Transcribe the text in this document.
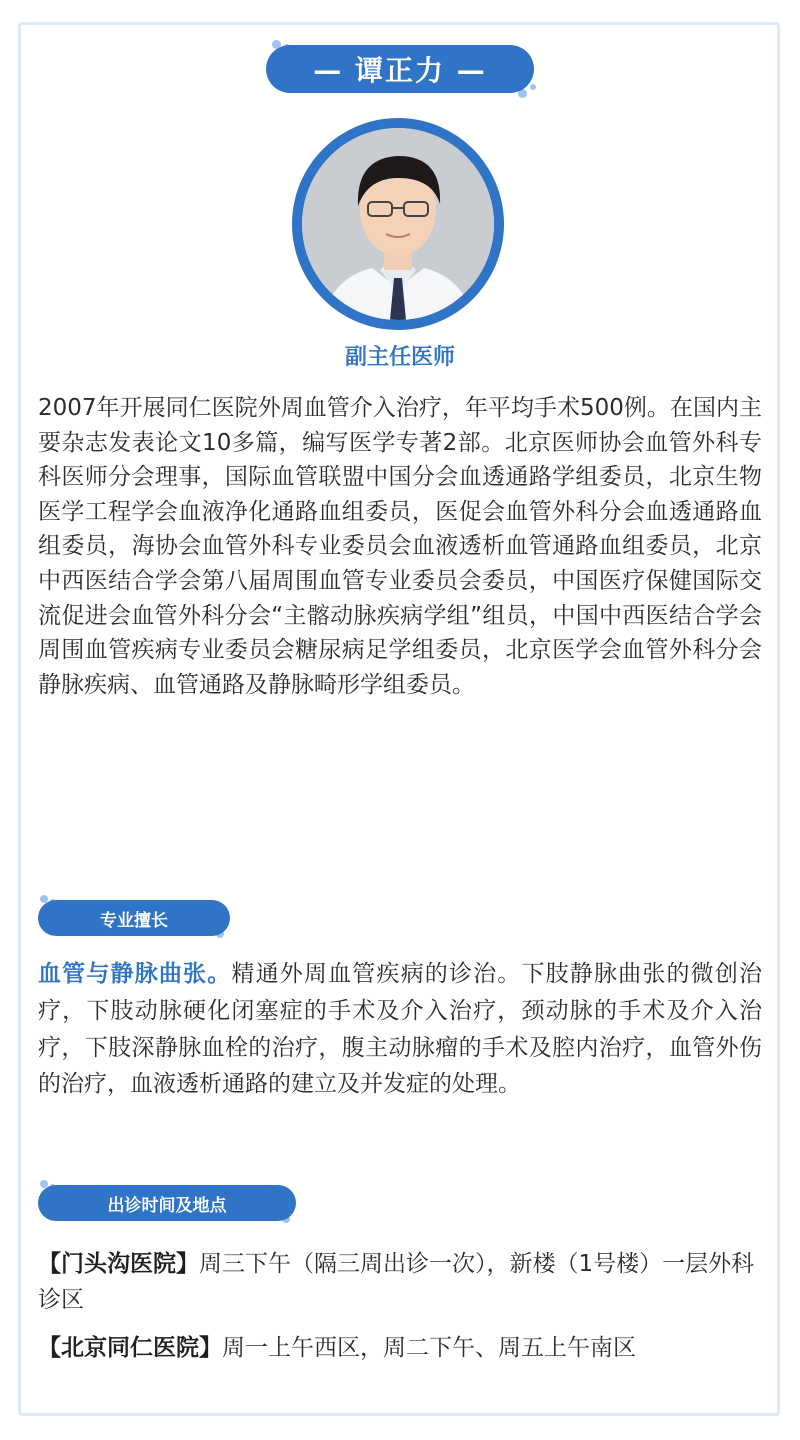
— 谭正力 —
副主任医师

2007年开展同仁医院外周血管介入治疗，年平均手术500例。在国内主要杂志发表论文10多篇，编写医学专著2部。北京医师协会血管外科专科医师分会理事，国际血管联盟中国分会血透通路学组委员，北京生物医学工程学会血液净化通路血组委员，医促会血管外科分会血透通路血组委员，海协会血管外科专业委员会血液透析血管通路血组委员，北京中西医结合学会第八届周围血管专业委员会委员，中国医疗保健国际交流促进会血管外科分会“主髂动脉疾病学组”组员，中国中西医结合学会周围血管疾病专业委员会糖尿病足学组委员，北京医学会血管外科分会静脉疾病、血管通路及静脉畸形学组委员。

专业擅长

血管与静脉曲张。精通外周血管疾病的诊治。下肢静脉曲张的微创治疗，下肢动脉硬化闭塞症的手术及介入治疗，颈动脉的手术及介入治疗，下肢深静脉血栓的治疗，腹主动脉瘤的手术及腔内治疗，血管外伤的治疗，血液透析通路的建立及并发症的处理。

出诊时间及地点

【门头沟医院】周三下午（隔三周出诊一次），新楼（1号楼）一层外科诊区

【北京同仁医院】周一上午西区，周二下午、周五上午南区
